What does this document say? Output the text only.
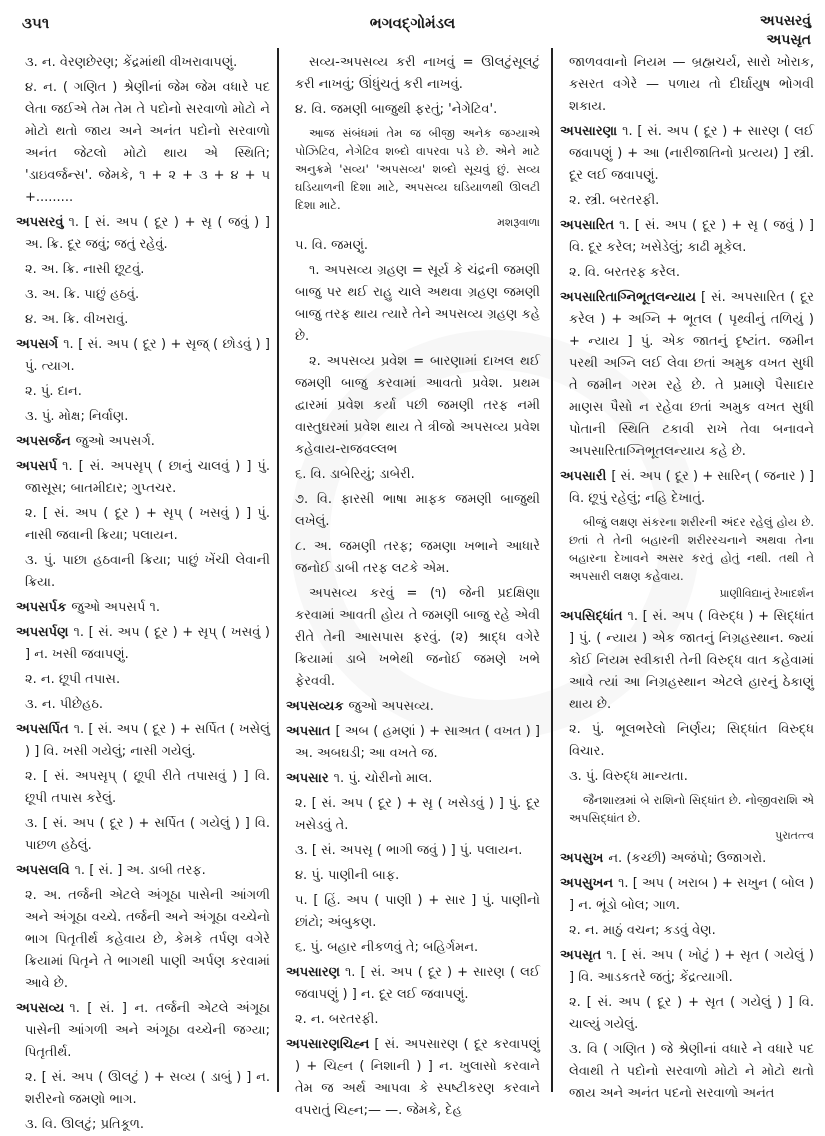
૩૫૧	ભગવદ્ગોમંડલ	અપસરવું
અપસૃત
૩. ન. વેરણછેરણ; કેંદ્રમાંથી વીખરાવાપણું.
૪. ન. ( ગણિત ) શ્રેણીનાં જેમ જેમ વધારે પદ લેતા જઈએ તેમ તેમ તે પદોનો સરવાળો મોટો ને મોટો થતો જાય અને અનંત પદોનો સરવાળો અનંત જેટલો મોટો થાય એ સ્થિતિ; 'ડાઇવર્જન્સ'. જેમકે, ૧ + ૨ + ૩ + ૪ + ૫ +.........
અપસરવું ૧. [ સં. અપ ( દૂર ) + સૃ ( જવું ) ] અ. ક્રિ. દૂર જવું; જતું રહેવું.
૨. અ. ક્રિ. નાસી છૂટવું.
૩. અ. ક્રિ. પાછું હઠવું.
૪. અ. ક્રિ. વીખરાવું.
અપસર્ગ ૧. [ સં. અપ ( દૂર ) + સૃજ્ ( છોડવું ) ] પું. ત્યાગ.
૨. પું. દાન.
૩. પું. મોક્ષ; નિર્વાણ.
અપસર્જન જુઓ અપસર્ગ.
અપસર્પ ૧. [ સં. અપસૃપ્ ( છાનું ચાલવું ) ] પું. જાસૂસ; બાતમીદાર; ગુપ્તચર.
૨. [ સં. અપ ( દૂર ) + સૃપ્ ( ખસવું ) ] પું. નાસી જવાની ક્રિયા; પલાયન.
૩. પું. પાછા હઠવાની ક્રિયા; પાછું ખેંચી લેવાની ક્રિયા.
અપસર્પક જુઓ અપસર્પ ૧.
અપસર્પણ ૧. [ સં. અપ ( દૂર ) + સૃપ્ ( ખસવું ) ] ન. ખસી જવાપણું.
૨. ન. છૂપી તપાસ.
૩. ન. પીછેહઠ.
અપસર્પિત ૧. [ સં. અપ ( દૂર ) + સર્પિત ( ખસેલું ) ] વિ. ખસી ગયેલું; નાસી ગયેલું.
૨. [ સં. અપસૃપ્ ( છૂપી રીતે તપાસવું ) ] વિ. છૂપી તપાસ કરેલું.
૩. [ સં. અપ ( દૂર ) + સર્પિત ( ગયેલું ) ] વિ. પાછળ હઠેલું.
અપસલવિ ૧. [ સં. ] અ. ડાબી તરફ.
૨. અ. તર્જની એટલે અંગૂઠા પાસેની આંગળી અને અંગૂઠા વચ્ચે. તર્જની અને અંગૂઠા વચ્ચેનો ભાગ પિતૃતીર્થ કહેવાય છે, કેમકે તર્પણ વગેરે ક્રિયામાં પિતૃને તે ભાગથી પાણી અર્પણ કરવામાં આવે છે.
અપસવ્ય ૧. [ સં. ] ન. તર્જની એટલે અંગૂઠા પાસેની આંગળી અને અંગૂઠા વચ્ચેની જગ્યા; પિતૃતીર્થ.
૨. [ સં. અપ ( ઊલટું ) + સવ્ય ( ડાબું ) ] ન. શરીરનો જમણો ભાગ.
૩. વિ. ઊલટું; પ્રતિકૂળ.
સવ્ય-અપસવ્ય કરી નાખવું = ઊલટુંસૂલટું કરી નાખવું; ઊંધુંચતું કરી નાખવું.
૪. વિ. જમણી બાજુથી ફરતું; 'નેગેટિવ'.
આજ સંબંધમાં તેમ જ બીજી અનેક જગ્યાએ પોઝિટિવ, નેગેટિવ શબ્દો વાપરવા પડે છે. એને માટે અનુક્રમે 'સવ્ય' 'અપસવ્ય' શબ્દો સૂચવું છું. સવ્ય ઘડિયાળની દિશા માટે, અપસવ્ય ઘડિયાળથી ઊલટી દિશા માટે.
મશરૂવાળા
૫. વિ. જમણું.
૧. અપસવ્ય ગ્રહણ = સૂર્ય કે ચંદ્રની જમણી બાજુ પર થઈ રાહુ ચાલે અથવા ગ્રહણ જમણી બાજુ તરફ થાય ત્યારે તેને અપસવ્ય ગ્રહણ કહે છે.
૨. અપસવ્ય પ્રવેશ = બારણામાં દાખલ થઈ જમણી બાજુ કરવામાં આવતો પ્રવેશ. પ્રથમ દ્વારમાં પ્રવેશ કર્યા પછી જમણી તરફ નમી વાસ્તુઘરમાં પ્રવેશ થાય તે ત્રીજો અપસવ્ય પ્રવેશ કહેવાય-રાજવલ્લભ
૬. વિ. ડાબેરિયું; ડાબેરી.
૭. વિ. ફારસી ભાષા માફક જમણી બાજુથી લખેલું.
૮. અ. જમણી તરફ; જમણા ખભાને આધારે જનોઈ ડાબી તરફ લટકે એમ.
અપસવ્ય કરવું = (૧) જેની પ્રદક્ષિણા કરવામાં આવતી હોય તે જમણી બાજુ રહે એવી રીતે તેની આસપાસ ફરવું. (૨) શ્રાદ્ધ વગેરે ક્રિયામાં ડાબે ખભેથી જનોઈ જમણે ખભે ફેરવવી.
અપસવ્યક જુઓ અપસવ્ય.
અપસાત [ અબ ( હમણાં ) + સાઅત ( વખત ) ] અ. અબઘડી; આ વખતે જ.
અપસાર ૧. પું. ચોરીનો માલ.
૨. [ સં. અપ ( દૂર ) + સૃ ( ખસેડવું ) ] પું. દૂર ખસેડવું તે.
૩. [ સં. અપસૃ ( ભાગી જવું ) ] પું. પલાયન.
૪. પું. પાણીની બાફ.
૫. [ હિં. અપ ( પાણી ) + સાર ] પું. પાણીનો છાંટો; અંબુકણ.
૬. પું. બહાર નીકળવું તે; બહિર્ગમન.
અપસારણ ૧. [ સં. અપ ( દૂર ) + સારણ ( લઈ જવાપણું ) ] ન. દૂર લઈ જવાપણું.
૨. ન. બરતરફી.
અપસારણચિહ્ન [ સં. અપસારણ ( દૂર કરવાપણું ) + ચિહ્ન ( નિશાની ) ] ન. ખુલાસો કરવાને તેમ જ અર્થ આપવા કે સ્પષ્ટીકરણ કરવાને વપરાતું ચિહ્ન;— —. જેમકે, દેહ
જાળવવાનો નિયમ — બ્રહ્મચર્ય, સારો ખોરાક, કસરત વગેરે — પળાય તો દીર્ઘાયુષ ભોગવી શકાય.
અપસારણા ૧. [ સં. અપ ( દૂર ) + સારણ ( લઈ જવાપણું ) + આ (નારીજાતિનો પ્રત્યય) ] સ્ત્રી. દૂર લઈ જવાપણું.
૨. સ્ત્રી. બરતરફી.
અપસારિત ૧. [ સં. અપ ( દૂર ) + સૃ ( જવું ) ] વિ. દૂર કરેલ; ખસેડેલું; કાઢી મૂકેલ.
૨. વિ. બરતરફ કરેલ.
અપસારિતાગ્નિભૂતલન્યાય [ સં. અપસારિત ( દૂર કરેલ ) + અગ્નિ + ભૂતલ ( પૃથ્વીનું તળિયું ) + ન્યાય ] પું. એક જાતનું દૃષ્ટાંત. જમીન પરથી અગ્નિ લઈ લેવા છતાં અમુક વખત સુધી તે જમીન ગરમ રહે છે. તે પ્રમાણે પૈસાદાર માણસ પૈસો ન રહેવા છતાં અમુક વખત સુધી પોતાની સ્થિતિ ટકાવી રાખે તેવા બનાવને અપસારિતાગ્નિભૂતલન્યાય કહે છે.
અપસારી [ સં. અપ ( દૂર ) + સારિન્ ( જનાર ) ] વિ. છૂપું રહેલું; નહિ દેખાતું.
બીજું લક્ષણ સંકરના શરીરની અંદર રહેલું હોય છે. છતાં તે તેની બહારની શરીરરચનાને અથવા તેના બહારના દેખાવને અસર કરતું હોતું નથી. તથી તે અપસારી લક્ષણ કહેવાય.
પ્રાણીવિદ્યાનું રેખાદર્શન
અપસિદ્ધાંત ૧. [ સં. અપ ( વિરુદ્ધ ) + સિદ્ધાંત ] પું. ( ન્યાય ) એક જાતનું નિગ્રહસ્થાન. જ્યાં કોઈ નિયમ સ્વીકારી તેની વિરુદ્ધ વાત કહેવામાં આવે ત્યાં આ નિગ્રહસ્થાન એટલે હારનું ઠેકાણું થાય છે.
૨. પું. ભૂલભરેલો નિર્ણય; સિદ્ધાંત વિરુદ્ધ વિચાર.
૩. પું. વિરુદ્ધ માન્યતા.
જૈનશાસ્ત્રમાં બે રાશિનો સિદ્ધાંત છે. નોજીવરાશિ એ અપસિદ્ધાંત છે.
પુરાતત્ત્વ
અપસુખ ન. (કચ્છી) અજંપો; ઉજાગરો.
અપસુખન ૧. [ અપ ( ખરાબ ) + સખુન ( બોલ ) ] ન. ભૂંડો બોલ; ગાળ.
૨. ન. માઠું વચન; કડવું વેણ.
અપસૃત ૧. [ સં. અપ ( ખોટું ) + સૃત ( ગયેલું ) ] વિ. આડકતરે જતું; કેંદ્રત્યાગી.
૨. [ સં. અપ ( દૂર ) + સૃત ( ગયેલું ) ] વિ. ચાલ્યું ગયેલું.
૩. વિ ( ગણિત ) જે શ્રેણીનાં વધારે ને વધારે પદ લેવાથી તે પદોનો સરવાળો મોટો ને મોટો થતો જાય અને અનંત પદનો સરવાળો અનંત
